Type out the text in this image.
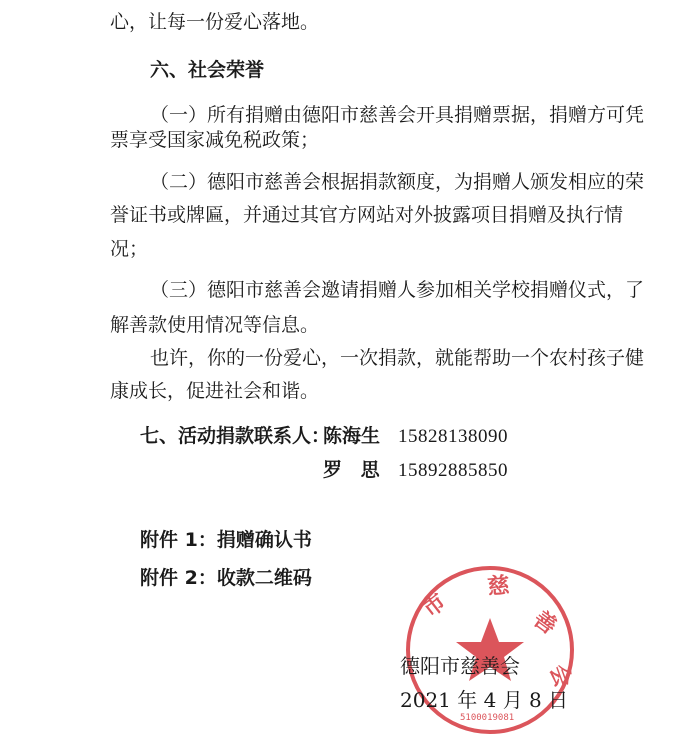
心，让每一份爱心落地。
六、社会荣誉
（一）所有捐赠由德阳市慈善会开具捐赠票据，捐赠方可凭
票享受国家减免税政策；
（二）德阳市慈善会根据捐款额度，为捐赠人颁发相应的荣
誉证书或牌匾，并通过其官方网站对外披露项目捐赠及执行情
况；
（三）德阳市慈善会邀请捐赠人参加相关学校捐赠仪式，了
解善款使用情况等信息。
也许，你的一份爱心，一次捐款，就能帮助一个农村孩子健
康成长，促进社会和谐。
七、活动捐款联系人：
陈海生 15828138090
罗 思 15892885850
附件 1：捐赠确认书
附件 2：收款二维码
市
慈
善
会
5100019081
德阳市慈善会
2021 年 4 月 8 日
